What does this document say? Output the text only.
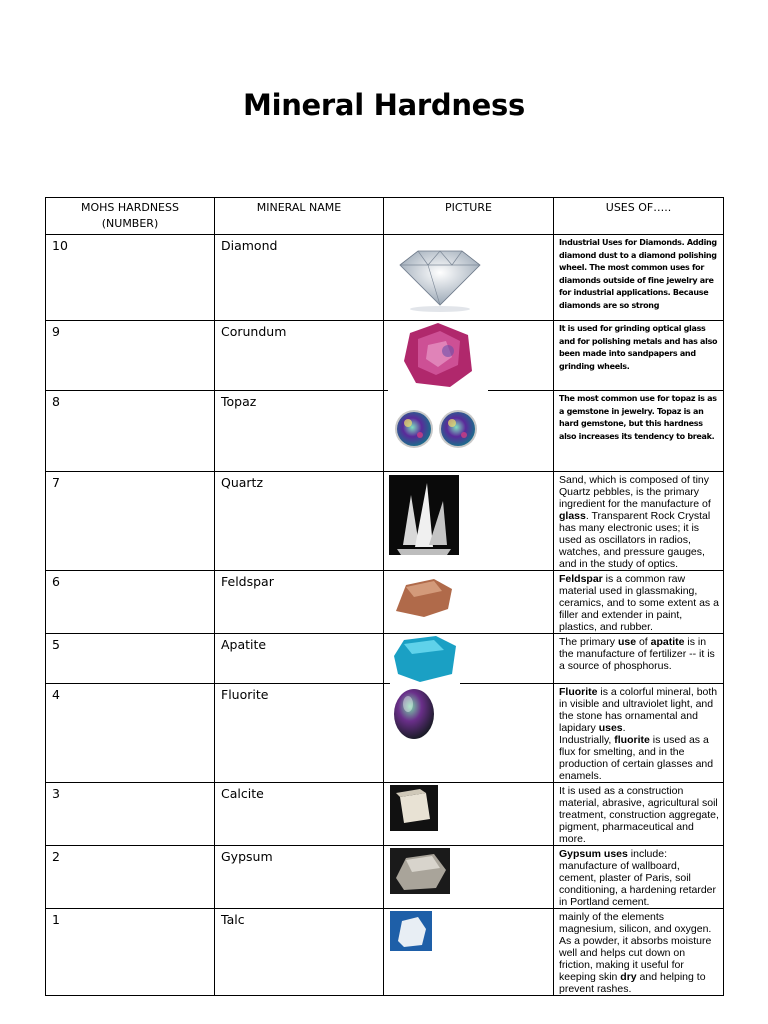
Mineral Hardness
MOHS HARDNESS
(NUMBER)	MINERAL NAME	PICTURE	USES OF…..
10	Diamond		Industrial Uses for Diamonds. Adding diamond dust to a diamond polishing wheel. The most common uses for diamonds outside of fine jewelry are for industrial applications. Because diamonds are so strong
9	Corundum		It is used for grinding optical glass and for polishing metals and has also been made into sandpapers and grinding wheels.
8	Topaz		The most common use for topaz is as a gemstone in jewelry. Topaz is an hard gemstone, but this hardness also increases its tendency to break.
7	Quartz		Sand, which is composed of tiny Quartz pebbles, is the primary ingredient for the manufacture of glass. Transparent Rock Crystal has many electronic uses; it is used as oscillators in radios, watches, and pressure gauges, and in the study of optics.
6	Feldspar		Feldspar is a common raw material used in glassmaking, ceramics, and to some extent as a filler and extender in paint, plastics, and rubber.
5	Apatite		The primary use of apatite is in the manufacture of fertilizer -- it is a source of phosphorus.
4	Fluorite		Fluorite is a colorful mineral, both in visible and ultraviolet light, and the stone has ornamental and lapidary uses.
Industrially, fluorite is used as a flux for smelting, and in the production of certain glasses and enamels.
3	Calcite		It is used as a construction material, abrasive, agricultural soil treatment, construction aggregate, pigment, pharmaceutical and more.
2	Gypsum		Gypsum uses include: manufacture of wallboard, cement, plaster of Paris, soil conditioning, a hardening retarder in Portland cement.
1	Talc		mainly of the elements magnesium, silicon, and oxygen. As a powder, it absorbs moisture well and helps cut down on friction, making it useful for keeping skin dry and helping to prevent rashes.
